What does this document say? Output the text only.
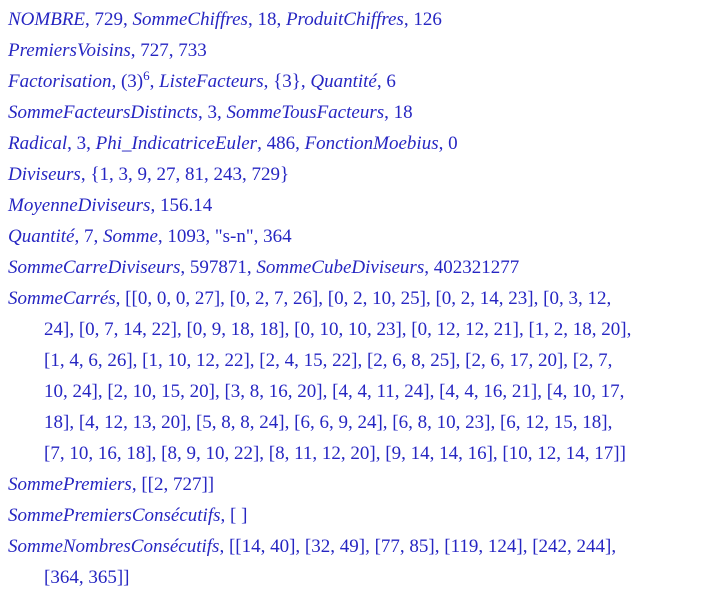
NOMBRE, 729, SommeChiffres, 18, ProduitChiffres, 126
PremiersVoisins, 727, 733
Factorisation, $(3)^6$, ListeFacteurs, {3}, Quantité, 6
SommeFacteursDistincts, 3, SommeTousFacteurs, 18
Radical, 3, Phi_IndicatriceEuler, 486, FonctionMoebius, 0
Diviseurs, {1, 3, 9, 27, 81, 243, 729}
MoyenneDiviseurs, 156.14
Quantité, 7, Somme, 1093, "s-n", 364
SommeCarreDiviseurs, 597871, SommeCubeDiviseurs, 402321277
SommeCarrés, [[0, 0, 0, 27], [0, 2, 7, 26], [0, 2, 10, 25], [0, 2, 14, 23], [0, 3, 12,
24], [0, 7, 14, 22], [0, 9, 18, 18], [0, 10, 10, 23], [0, 12, 12, 21], [1, 2, 18, 20],
[1, 4, 6, 26], [1, 10, 12, 22], [2, 4, 15, 22], [2, 6, 8, 25], [2, 6, 17, 20], [2, 7,
10, 24], [2, 10, 15, 20], [3, 8, 16, 20], [4, 4, 11, 24], [4, 4, 16, 21], [4, 10, 17,
18], [4, 12, 13, 20], [5, 8, 8, 24], [6, 6, 9, 24], [6, 8, 10, 23], [6, 12, 15, 18],
[7, 10, 16, 18], [8, 9, 10, 22], [8, 11, 12, 20], [9, 14, 14, 16], [10, 12, 14, 17]]
SommePremiers, [[2, 727]]
SommePremiersConsécutifs, [ ]
SommeNombresConsécutifs, [[14, 40], [32, 49], [77, 85], [119, 124], [242, 244],
[364, 365]]
